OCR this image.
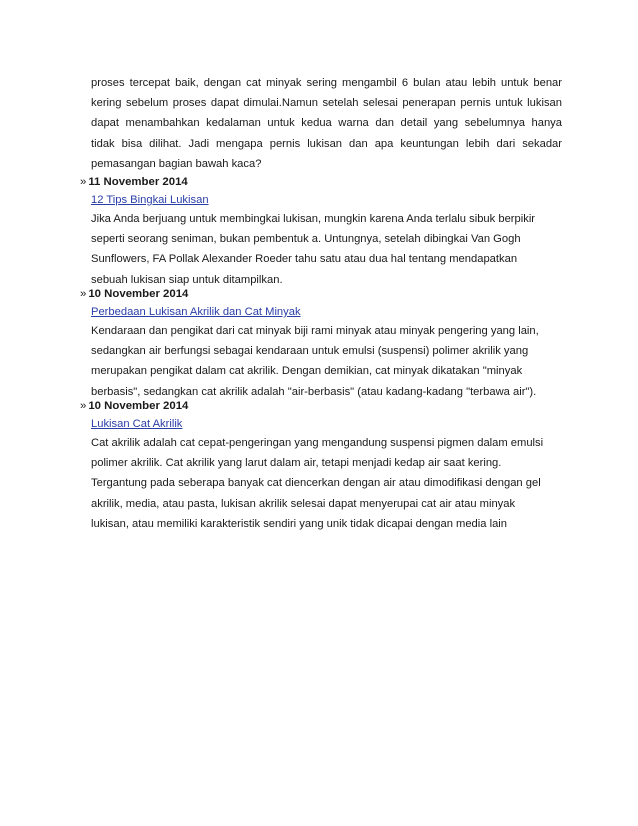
proses tercepat baik, dengan cat minyak sering mengambil 6 bulan atau lebih untuk benar
kering sebelum proses dapat dimulai.Namun setelah selesai penerapan pernis untuk lukisan
dapat menambahkan kedalaman untuk kedua warna dan detail yang sebelumnya hanya
tidak bisa dilihat. Jadi mengapa pernis lukisan dan apa keuntungan lebih dari sekadar
pemasangan bagian bawah kaca?
» 11 November 2014
12 Tips Bingkai Lukisan
Jika Anda berjuang untuk membingkai lukisan, mungkin karena Anda terlalu sibuk berpikir
seperti seorang seniman, bukan pembentuk a. Untungnya, setelah dibingkai Van Gogh
Sunflowers, FA Pollak Alexander Roeder tahu satu atau dua hal tentang mendapatkan
sebuah lukisan siap untuk ditampilkan.
» 10 November 2014
Perbedaan Lukisan Akrilik dan Cat Minyak
Kendaraan dan pengikat dari cat minyak biji rami minyak atau minyak pengering yang lain,
sedangkan air berfungsi sebagai kendaraan untuk emulsi (suspensi) polimer akrilik yang
merupakan pengikat dalam cat akrilik. Dengan demikian, cat minyak dikatakan "minyak
berbasis", sedangkan cat akrilik adalah "air-berbasis" (atau kadang-kadang "terbawa air").
» 10 November 2014
Lukisan Cat Akrilik
Cat akrilik adalah cat cepat-pengeringan yang mengandung suspensi pigmen dalam emulsi
polimer akrilik. Cat akrilik yang larut dalam air, tetapi menjadi kedap air saat kering.
Tergantung pada seberapa banyak cat diencerkan dengan air atau dimodifikasi dengan gel
akrilik, media, atau pasta, lukisan akrilik selesai dapat menyerupai cat air atau minyak
lukisan, atau memiliki karakteristik sendiri yang unik tidak dicapai dengan media lain
